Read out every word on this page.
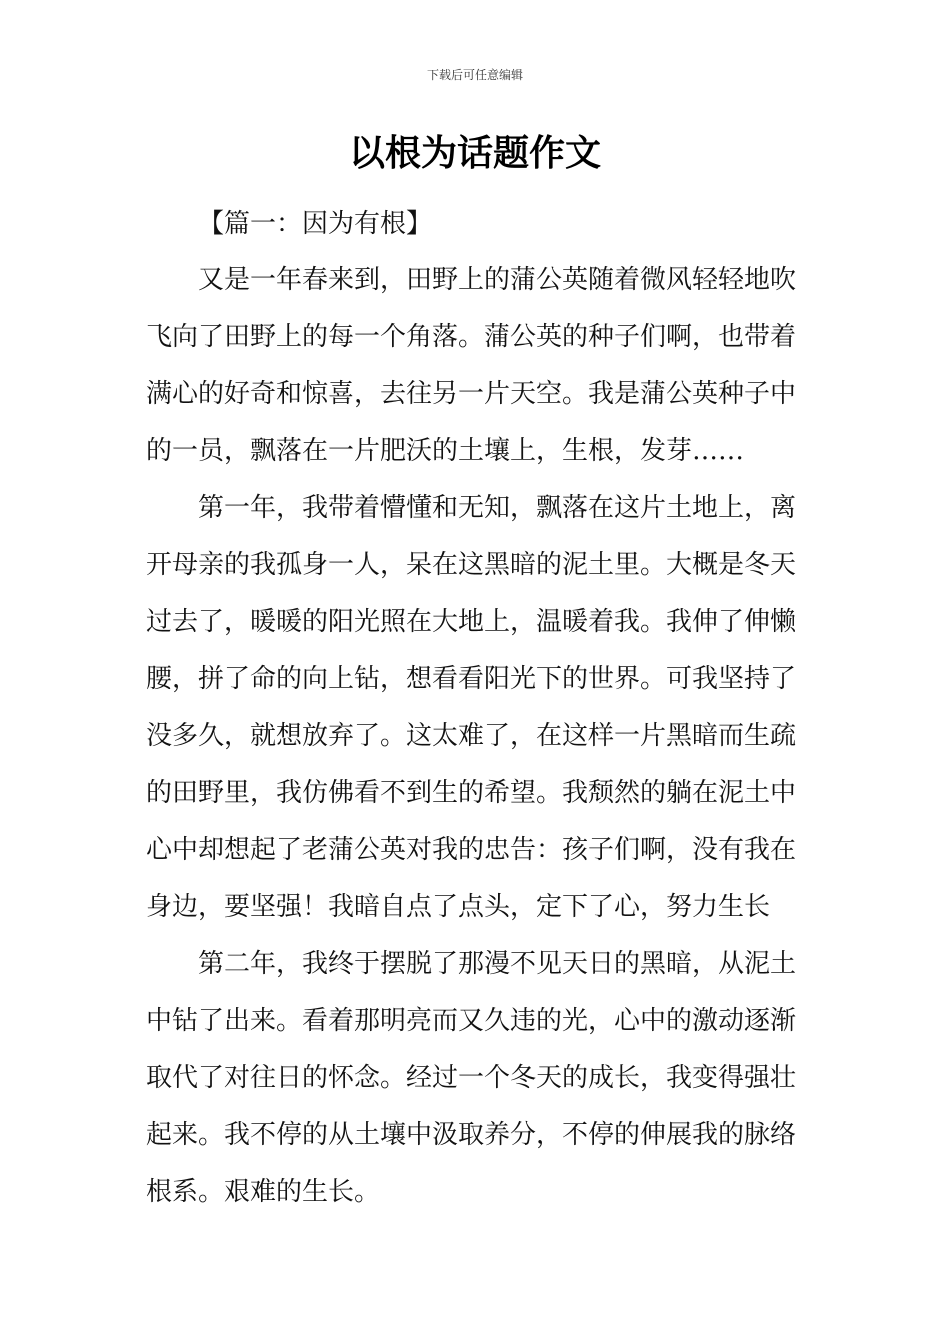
下载后可任意编辑
以根为话题作文
【篇一：因为有根】

又是一年春来到，田野上的蒲公英随着微风轻轻地吹
飞向了田野上的每一个角落。蒲公英的种子们啊，也带着
满心的好奇和惊喜，去往另一片天空。我是蒲公英种子中
的一员，飘落在一片肥沃的土壤上，生根，发芽……

第一年，我带着懵懂和无知，飘落在这片土地上，离
开母亲的我孤身一人，呆在这黑暗的泥土里。大概是冬天
过去了，暖暖的阳光照在大地上，温暖着我。我伸了伸懒
腰，拼了命的向上钻，想看看阳光下的世界。可我坚持了
没多久，就想放弃了。这太难了，在这样一片黑暗而生疏
的田野里，我仿佛看不到生的希望。我颓然的躺在泥土中
心中却想起了老蒲公英对我的忠告：孩子们啊，没有我在
身边，要坚强！我暗自点了点头，定下了心，努力生长

第二年，我终于摆脱了那漫不见天日的黑暗，从泥土
中钻了出来。看着那明亮而又久违的光，心中的激动逐渐
取代了对往日的怀念。经过一个冬天的成长，我变得强壮
起来。我不停的从土壤中汲取养分，不停的伸展我的脉络
根系。艰难的生长。
